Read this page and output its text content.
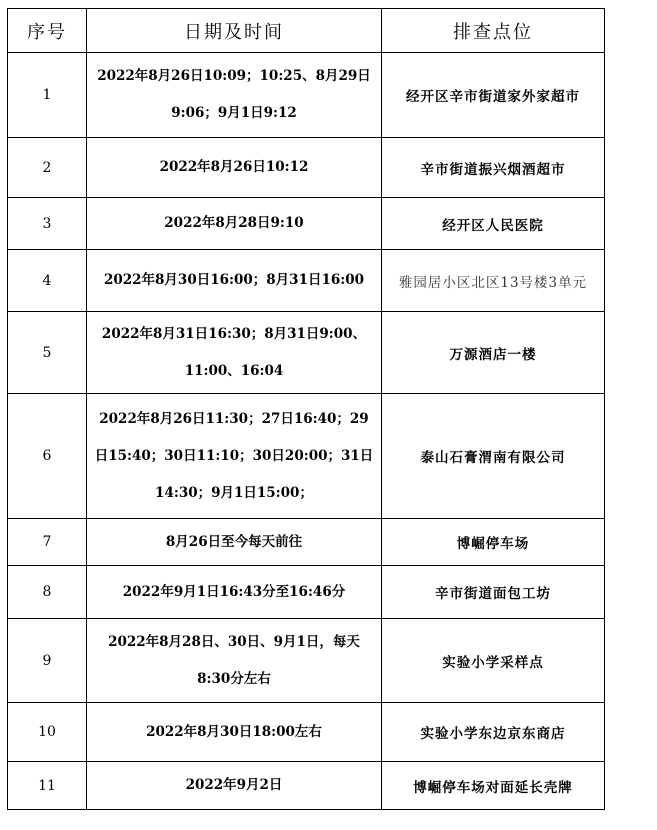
序号	日期及时间	排查点位
1	2022年8月26日10:09；10:25、8月29日9:06；9月1日9:12	经开区辛市街道家外家超市
2	2022年8月26日10:12	辛市街道振兴烟酒超市
3	2022年8月28日9:10	经开区人民医院
4	2022年8月30日16:00；8月31日16:00	雅园居小区北区13号楼3单元
5	2022年8月31日16:30；8月31日9:00、11:00、16:04	万源酒店一楼
6	2022年8月26日11:30；27日16:40；29日15:40；30日11:10；30日20:00；31日14:30；9月1日15:00；	泰山石膏渭南有限公司
7	8月26日至今每天前往	博崛停车场
8	2022年9月1日16:43分至16:46分	辛市街道面包工坊
9	2022年8月28日、30日、9月1日，每天8:30分左右	实验小学采样点
10	2022年8月30日18:00左右	实验小学东边京东商店
11	2022年9月2日	博崛停车场对面延长壳牌
